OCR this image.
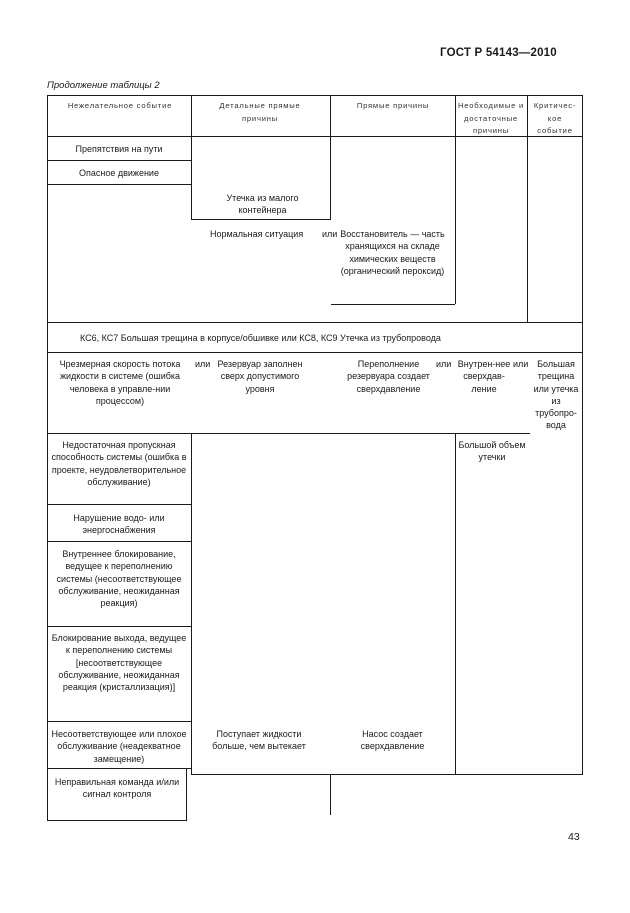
ГОСТ Р 54143—2010
Продолжение таблицы 2
Нежелательное событие	Детальные прямые причины
Прямые причины	Необходимые и достаточные причины
Критичес-кое событие
Препятствия на пути
Опасное движение
Утечка из малого контейнера
Нормальная ситуация или Восстановитель — часть хранящихся на складе химических веществ (органический пероксид)
КС6, КС7 Большая трещина в корпусе/обшивке или КС8, КС9 Утечка из трубопровода
Чрезмерная скорость потока жидкости в системе (ошибка человека в управле-нии процессом)
или Резервуар заполнен сверх допустимого уровня
Переполнение резервуара создает сверхдавление
или Внутрен-нее сверхдав-ление
или Большая трещина или утечка из трубопро-вода
Недостаточная пропускная способность системы (ошибка в проекте, неудовлетворительное обслуживание)
Большой объем утечки
Нарушение водо- или энергоснабжения
Внутреннее блокирование, ведущее к переполнению системы (несоответствующее обслуживание, неожиданная реакция)
Блокирование выхода, ведущее к переполнению системы [несоответствующее обслуживание, неожиданная реакция (кристаллизация)]
Несоответствующее или плохое обслуживание (неадекватное замещение)
Поступает жидкости больше, чем вытекает
Насос создает сверхдавление
Неправильная команда и/или сигнал контроля
43
